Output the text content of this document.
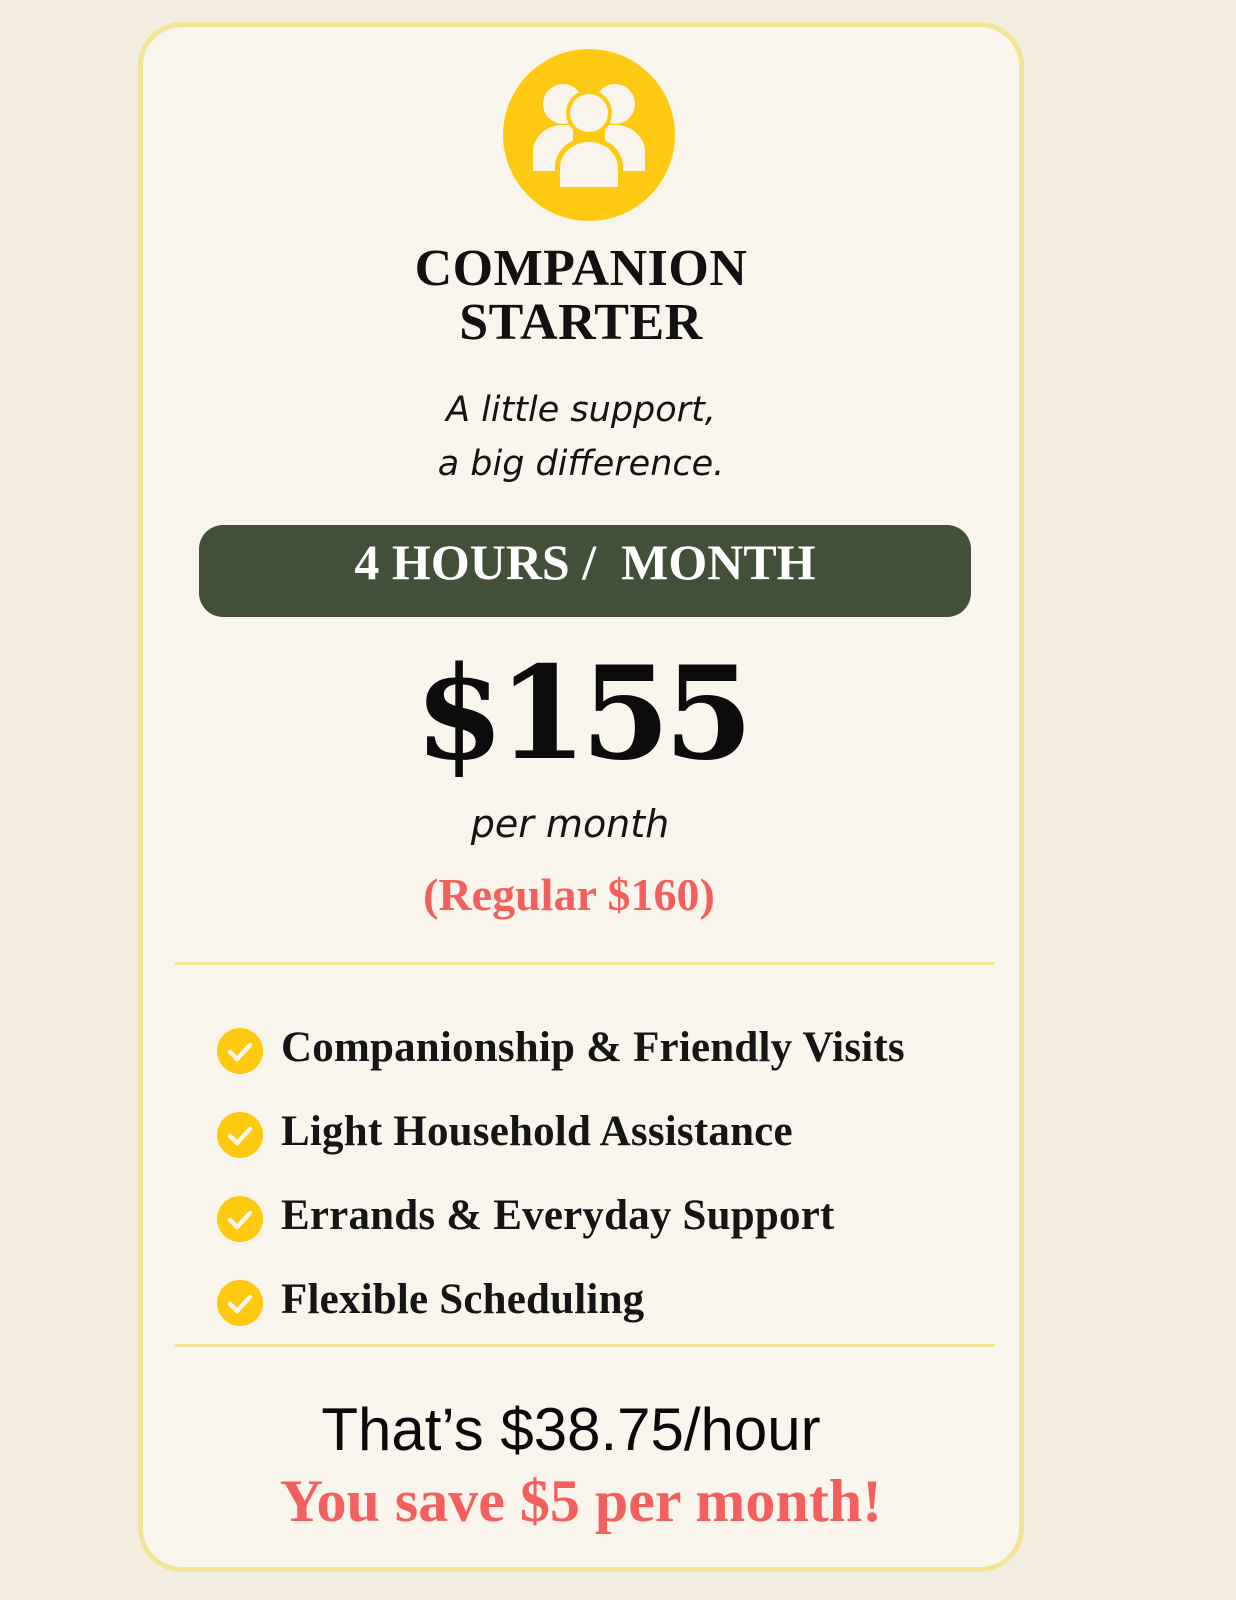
COMPANION
STARTER
A little support,
a big difference.
4 HOURS /  MONTH
$155
per month
(Regular $160)
Companionship & Friendly Visits
Light Household Assistance
Errands & Everyday Support
Flexible Scheduling
That’s $38.75/hour
You save $5 per month!
